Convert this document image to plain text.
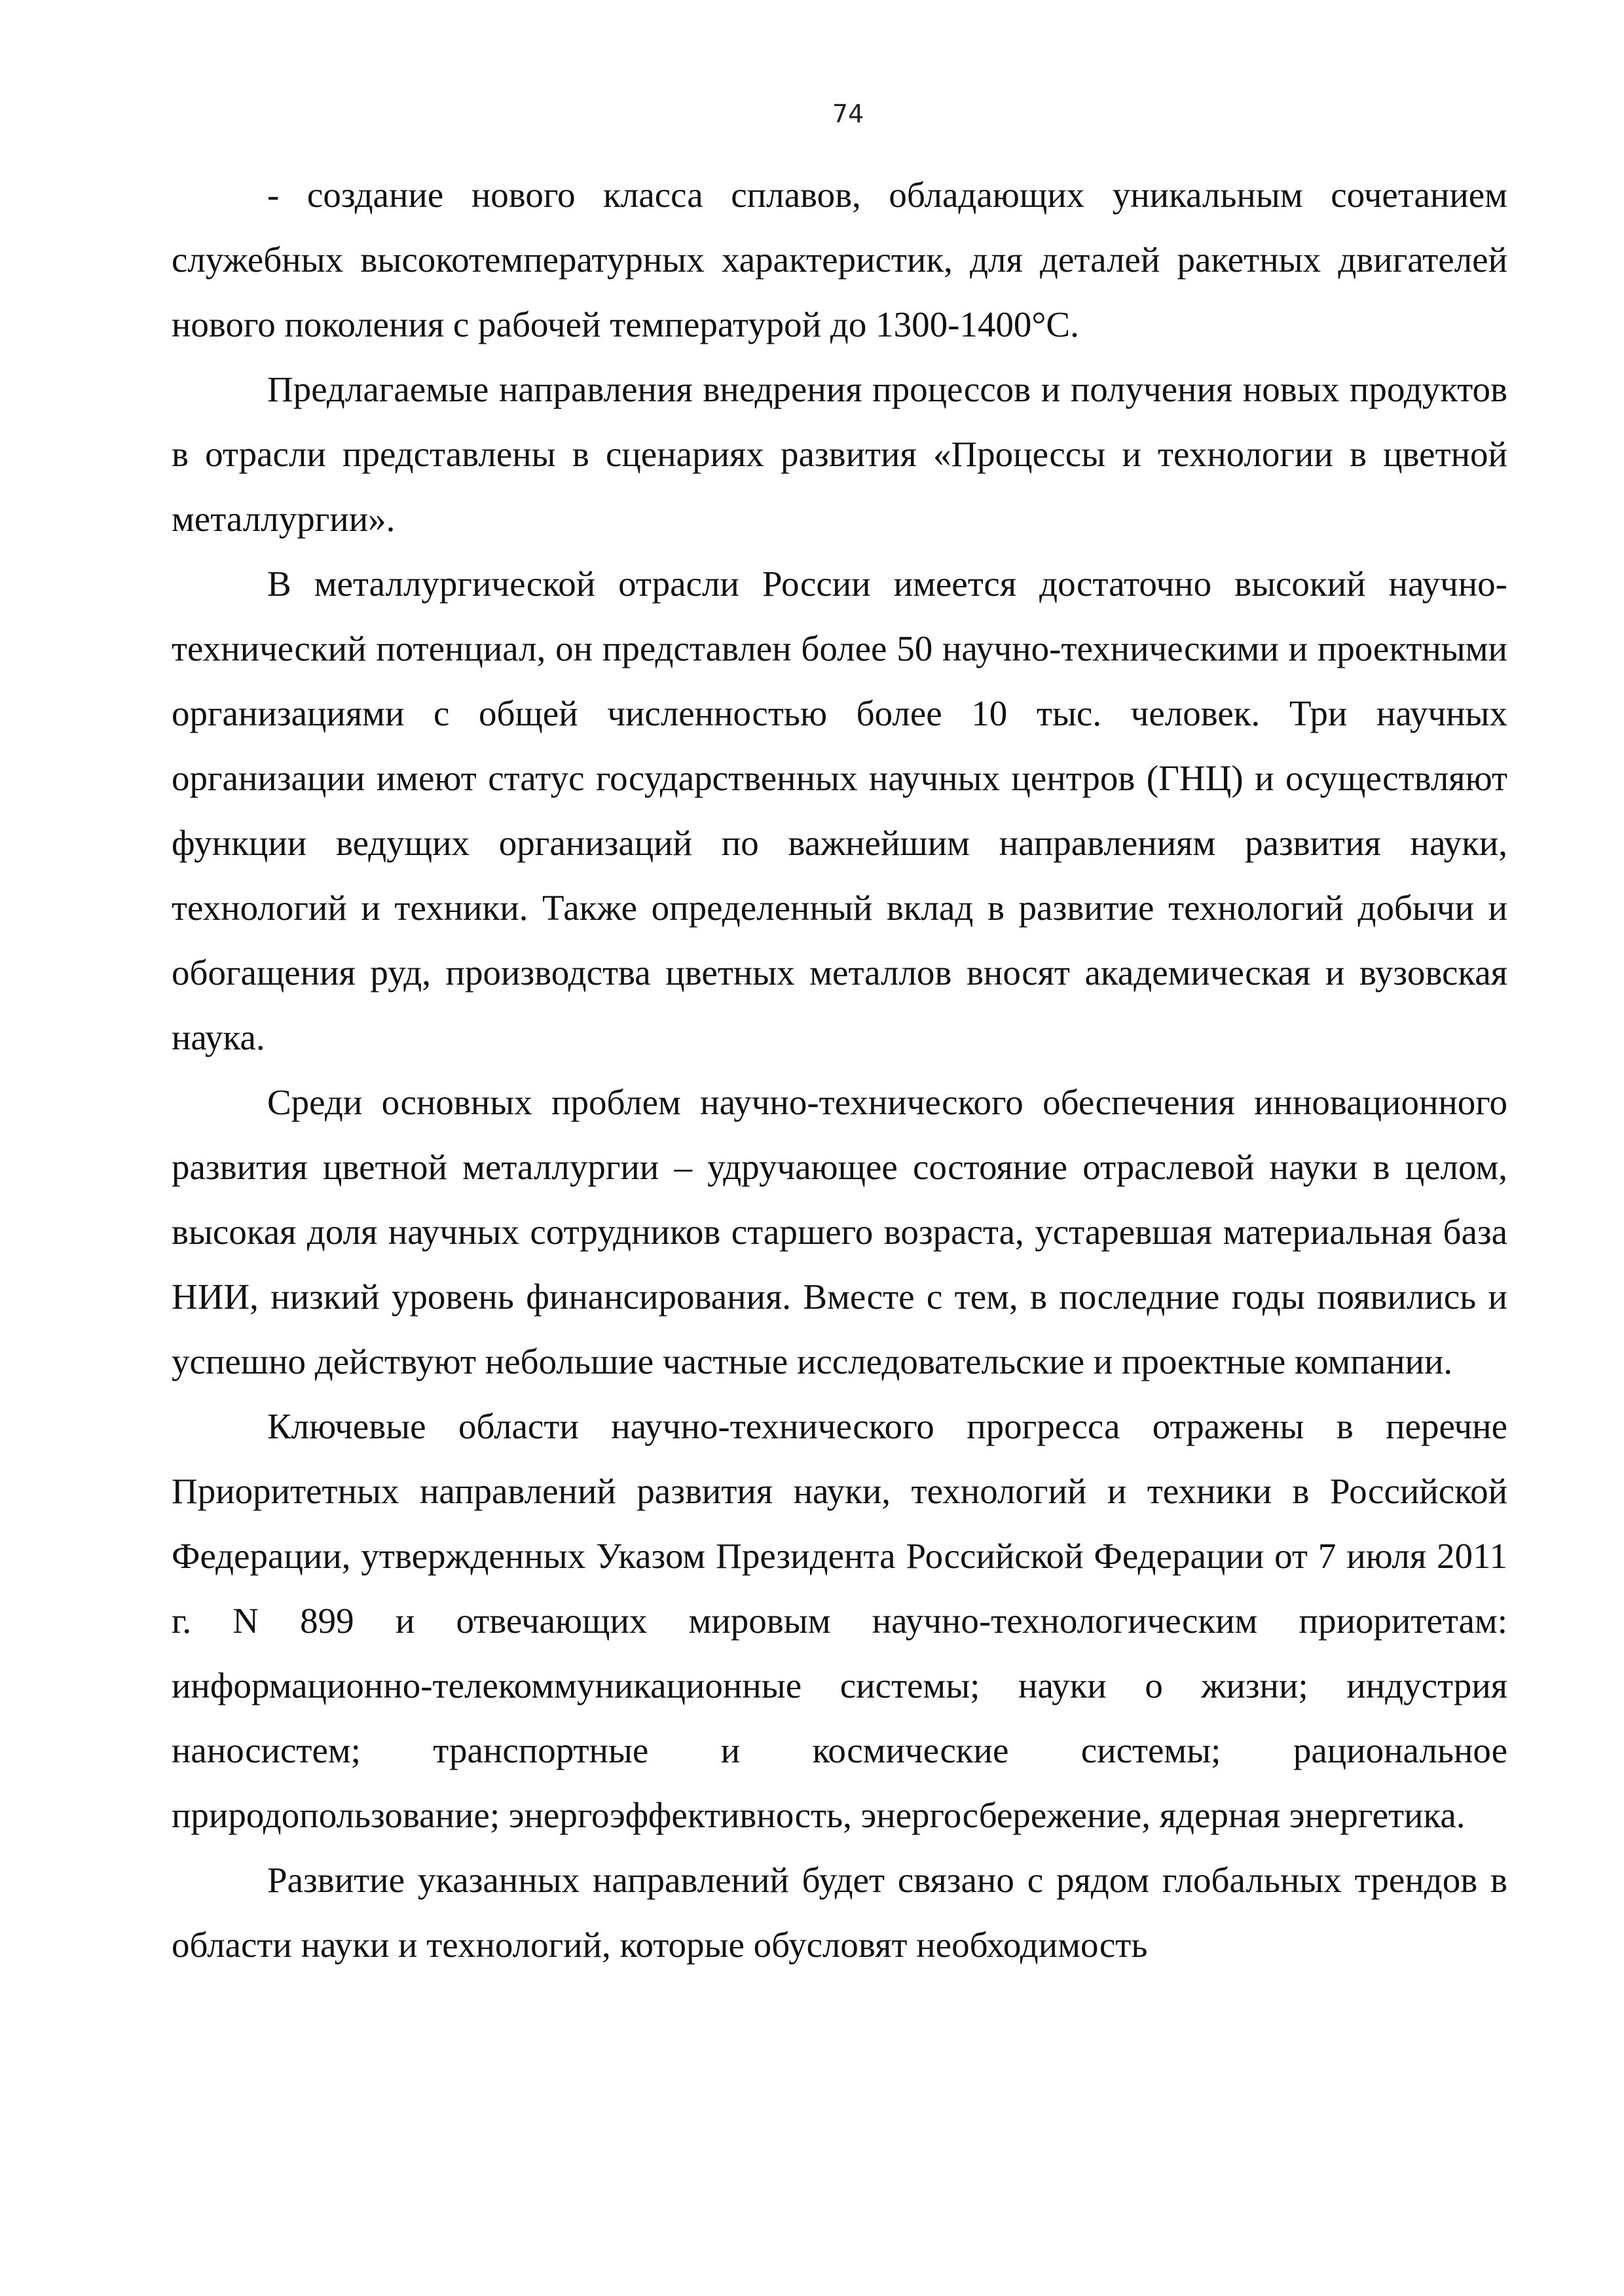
74

- создание нового класса сплавов, обладающих уникальным сочетанием служебных высокотемпературных характеристик, для деталей ракетных двигателей нового поколения с рабочей температурой до 1300-1400°С.

Предлагаемые направления внедрения процессов и получения новых продуктов в отрасли представлены в сценариях развития «Процессы и технологии в цветной металлургии».

В металлургической отрасли России имеется достаточно высокий научно-технический потенциал, он представлен более 50 научно-техническими и проектными организациями с общей численностью более 10 тыс. человек. Три научных организации имеют статус государственных научных центров (ГНЦ) и осуществляют функции ведущих организаций по важнейшим направлениям развития науки, технологий и техники. Также определенный вклад в развитие технологий добычи и обогащения руд, производства цветных металлов вносят академическая и вузовская наука.

Среди основных проблем научно-технического обеспечения инновационного развития цветной металлургии – удручающее состояние отраслевой науки в целом, высокая доля научных сотрудников старшего возраста, устаревшая материальная база НИИ, низкий уровень финансирования. Вместе с тем, в последние годы появились и успешно действуют небольшие частные исследовательские и проектные компании.

Ключевые области научно-технического прогресса отражены в перечне Приоритетных направлений развития науки, технологий и техники в Российской Федерации, утвержденных Указом Президента Российской Федерации от 7 июля 2011 г. N 899 и отвечающих мировым научно-технологическим приоритетам: информационно-телекоммуникационные системы; науки о жизни; индустрия наносистем; транспортные и космические системы; рациональное природопользование; энергоэффективность, энергосбережение, ядерная энергетика.

Развитие указанных направлений будет связано с рядом глобальных трендов в области науки и технологий, которые обусловят необходимость
